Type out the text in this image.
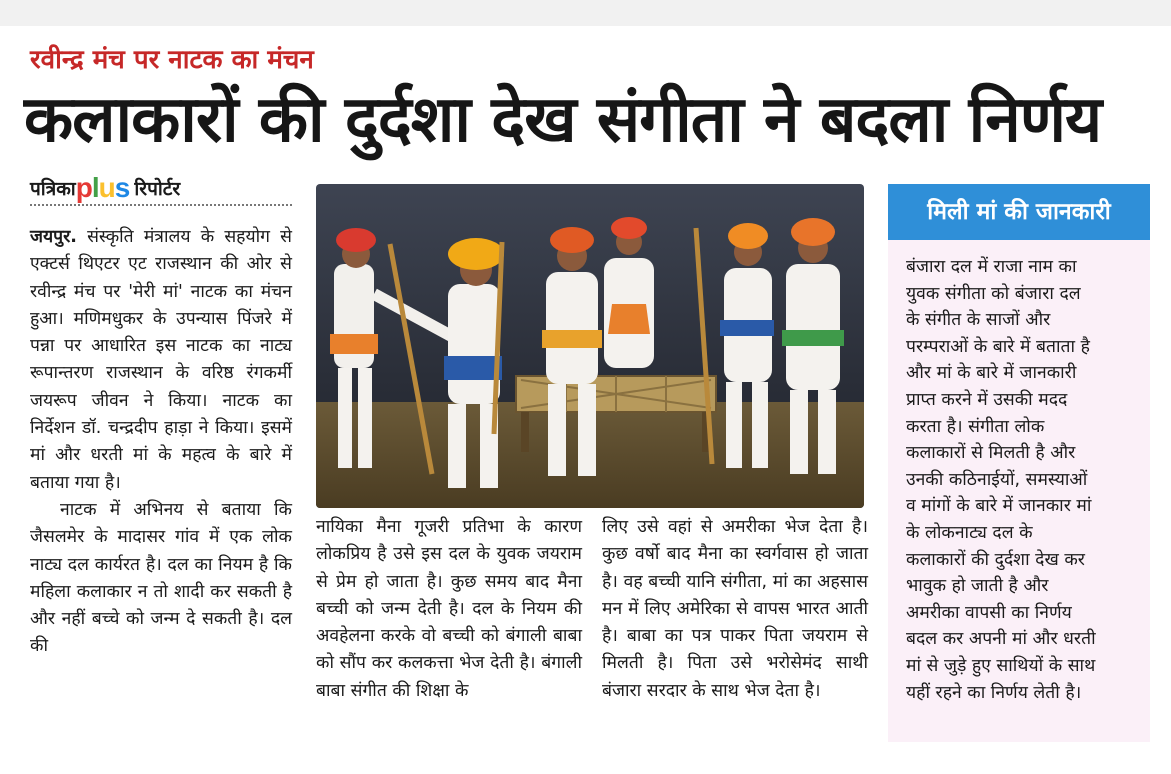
रवीन्द्र मंच पर नाटक का मंचन
कलाकारों की दुर्दशा देख संगीता ने बदला निर्णय
पत्रिकाplus रिपोर्टर

जयपुर. संस्कृति मंत्रालय के सहयोग से एक्टर्स थिएटर एट राजस्थान की ओर से रवीन्द्र मंच पर 'मेरी मां' नाटक का मंचन हुआ। मणिमधुकर के उपन्यास पिंजरे में पन्ना पर आधारित इस नाटक का नाट्य रूपान्तरण राजस्थान के वरिष्ठ रंगकर्मी जयरूप जीवन ने किया। नाटक का निर्देशन डॉ. चन्द्रदीप हाड़ा ने किया। इसमें मां और धरती मां के महत्व के बारे में बताया गया है।

नाटक में अभिनय से बताया कि जैसलमेर के मादासर गांव में एक लोक नाट्य दल कार्यरत है। दल का नियम है कि महिला कलाकार न तो शादी कर सकती है और नहीं बच्चे को जन्म दे सकती है। दल की

नायिका मैना गूजरी प्रतिभा के कारण लोकप्रिय है उसे इस दल के युवक जयराम से प्रेम हो जाता है। कुछ समय बाद मैना बच्ची को जन्म देती है। दल के नियम की अवहेलना करके वो बच्ची को बंगाली बाबा को सौंप कर कलकत्ता भेज देती है। बंगाली बाबा संगीत की शिक्षा के
लिए उसे वहां से अमरीका भेज देता है। कुछ वर्षो बाद मैना का स्वर्गवास हो जाता है। वह बच्ची यानि संगीता, मां का अहसास मन में लिए अमेरिका से वापस भारत आती है। बाबा का पत्र पाकर पिता जयराम से मिलती है। पिता उसे भरोसेमंद साथी बंजारा सरदार के साथ भेज देता है।
मिली मां की जानकारी
बंजारा दल में राजा नाम का
युवक संगीता को बंजारा दल
के संगीत के साजों और
परम्पराओं के बारे में बताता है
और मां के बारे में जानकारी
प्राप्त करने में उसकी मदद
करता है। संगीता लोक
कलाकारों से मिलती है और
उनकी कठिनाईयों, समस्याओं
व मांगों के बारे में जानकार मां
के लोकनाट्य दल के
कलाकारों की दुर्दशा देख कर
भावुक हो जाती है और
अमरीका वापसी का निर्णय
बदल कर अपनी मां और धरती
मां से जुड़े हुए साथियों के साथ
यहीं रहने का निर्णय लेती है।
